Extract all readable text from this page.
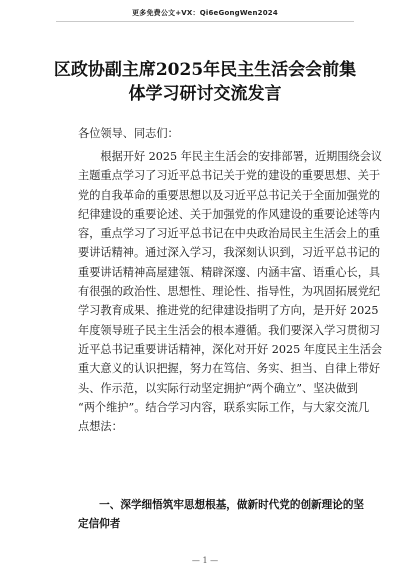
更多免费公文+VX：Qi6eGongWen2024
区政协副主席2025年民主生活会会前集
体学习研讨交流发言
各位领导、同志们：
　　根据开好 2025 年民主生活会的安排部署，近期围绕会议
主题重点学习了习近平总书记关于党的建设的重要思想、关于
党的自我革命的重要思想以及习近平总书记关于全面加强党的
纪律建设的重要论述、关于加强党的作风建设的重要论述等内
容，重点学习了习近平总书记在中央政治局民主生活会上的重
要讲话精神。通过深入学习，我深刻认识到，习近平总书记的
重要讲话精神高屋建瓴、精辟深邃、内涵丰富、语重心长，具
有很强的政治性、思想性、理论性、指导性，为巩固拓展党纪
学习教育成果、推进党的纪律建设指明了方向，是开好 2025
年度领导班子民主生活会的根本遵循。我们要深入学习贯彻习
近平总书记重要讲话精神，深化对开好 2025 年度民主生活会
重大意义的认识把握，努力在笃信、务实、担当、自律上带好
头、作示范，以实际行动坚定拥护“两个确立”、坚决做到
“两个维护”。结合学习内容，联系实际工作，与大家交流几
点想法：
　　一、深学细悟筑牢思想根基，做新时代党的创新理论的坚
定信仰者
— 1 —
